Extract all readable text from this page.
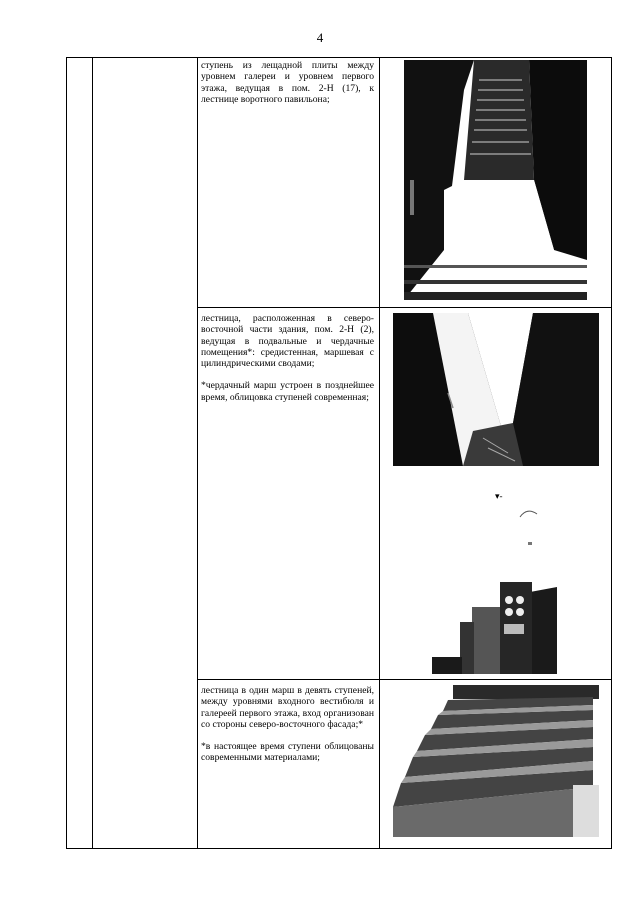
4

ступень из лещадной плиты между уровнем галереи и уровнем первого этажа, ведущая в пом. 2-Н (17), к лестнице воротного павильона;

лестница, расположенная в северо-восточной части здания, пом. 2-Н (2), ведущая в подвальные и чердачные помещения*: средистенная, маршевая с цилиндрическими сводами;

*чердачный марш устроен в позднейшее время, облицовка ступеней современная;

▾-

лестница в один марш в девять ступеней, между уровнями входного вестибюля и галереей первого этажа, вход организован со стороны северо-восточного фасада;*

*в настоящее время ступени облицованы современными материалами;
